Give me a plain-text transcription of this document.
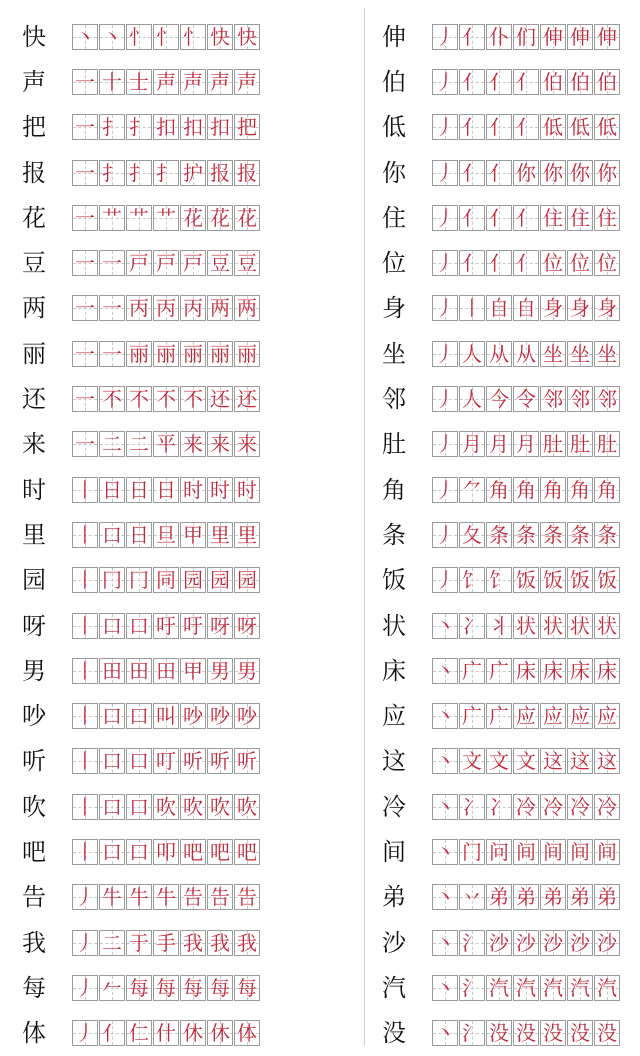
快	丶 丶 忄 忄 忄 快 快
声	一 十 士 声 声 声 声
把	一 扌 扌 扣 扣 扣 把
报	一 扌 扌 扌 护 报 报
花	一 艹 艹 艹 花 花 花
豆	一 一 戸 戸 戸 豆 豆
两	一 一 丙 丙 丙 两 两
丽	一 一 丽 丽 丽 丽 丽
还	一 不 不 不 不 还 还
来	一 二 二 平 来 来 来
时	丨 日 日 日 时 时 时
里	丨 口 日 旦 甲 里 里
园	丨 冂 冂 同 园 园 园
呀	丨 口 口 吁 吁 呀 呀
男	丨 田 田 田 甲 男 男
吵	丨 口 口 叫 吵 吵 吵
听	丨 口 口 叮 听 听 听
吹	丨 口 口 吹 吹 吹 吹
吧	丨 口 口 叩 吧 吧 吧
告	丿 牛 牛 牛 告 告 告
我	丿 二 于 手 我 我 我
每	丿 𠂉 每 每 每 每 每
体	丿 亻 仁 什 休 休 体
伸	丿 亻 仆 们 伸 伸 伸
伯	丿 亻 亻 亻 伯 伯 伯
低	丿 亻 亻 亻 低 低 低
你	丿 亻 亻 你 你 你 你
住	丿 亻 亻 亻 住 住 住
位	丿 亻 亻 亻 位 位 位
身	丿 丨 自 自 身 身 身
坐	丿 人 从 从 坐 坐 坐
邻	丿 人 今 令 邻 邻 邻
肚	丿 月 月 月 肚 肚 肚
角	丿 ⺈ 角 角 角 角 角
条	丿 夂 条 条 条 条 条
饭	丿 饣 饣 饭 饭 饭 饭
状	丶 冫 丬 状 状 状 状
床	丶 广 广 床 床 床 床
应	丶 广 广 应 应 应 应
这	丶 文 文 文 这 这 这
冷	丶 冫 冫 冷 冷 冷 冷
间	丶 门 问 间 间 间 间
弟	丶 丷 弟 弟 弟 弟 弟
沙	丶 氵 沙 沙 沙 沙 沙
汽	丶 氵 汽 汽 汽 汽 汽
没	丶 氵 没 没 没 没 没
